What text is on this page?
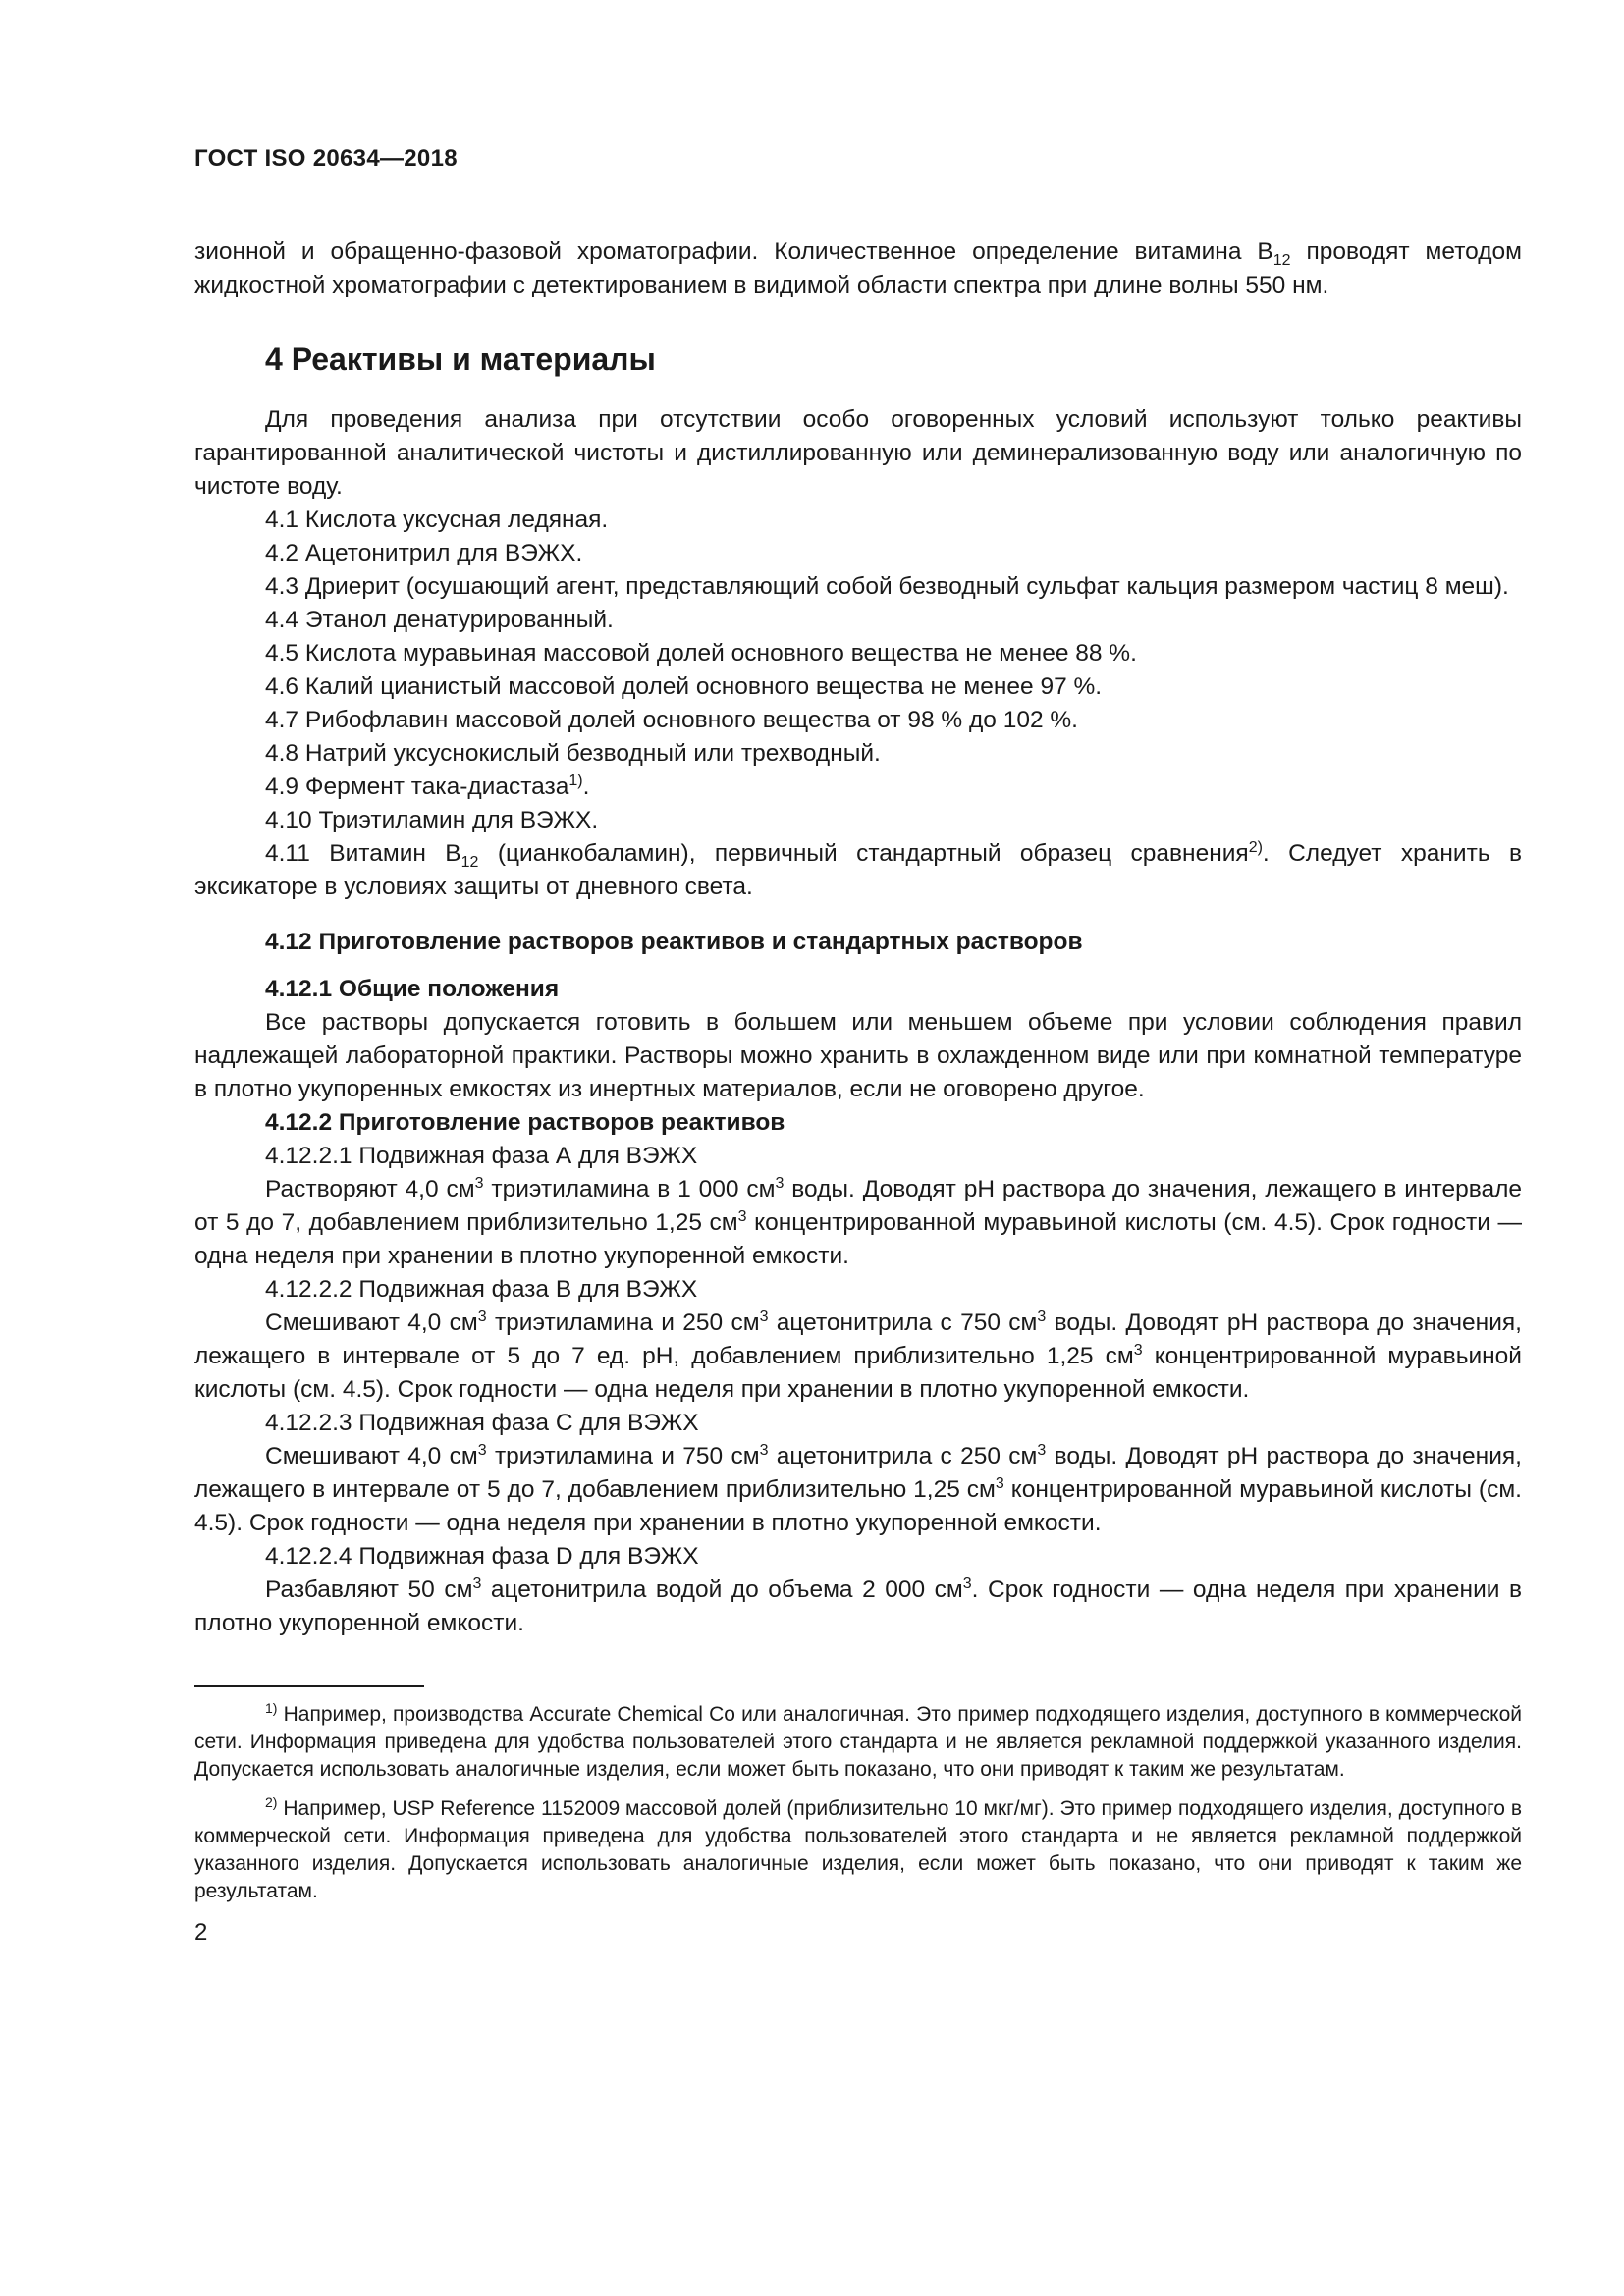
ГОСТ ISO 20634—2018

зионной и обращенно-фазовой хроматографии. Количественное определение витамина $В_{12}$ проводят методом жидкостной хроматографии с детектированием в видимой области спектра при длине волны 550 нм.

4 Реактивы и материалы

Для проведения анализа при отсутствии особо оговоренных условий используют только реактивы гарантированной аналитической чистоты и дистиллированную или деминерализованную воду или аналогичную по чистоте воду.

4.1 Кислота уксусная ледяная.

4.2 Ацетонитрил для ВЭЖХ.

4.3 Дриерит (осушающий агент, представляющий собой безводный сульфат кальция размером частиц 8 меш).

4.4 Этанол денатурированный.

4.5 Кислота муравьиная массовой долей основного вещества не менее 88 %.

4.6 Калий цианистый массовой долей основного вещества не менее 97 %.

4.7 Рибофлавин массовой долей основного вещества от 98 % до 102 %.

4.8 Натрий уксуснокислый безводный или трехводный.

4.9 Фермент така-диастаза$^{1)}$.

4.10 Триэтиламин для ВЭЖХ.

4.11 Витамин $В_{12}$ (цианкобаламин), первичный стандартный образец сравнения$^{2)}$. Следует хранить в эксикаторе в условиях защиты от дневного света.

4.12 Приготовление растворов реактивов и стандартных растворов
4.12.1 Общие положения

Все растворы допускается готовить в большем или меньшем объеме при условии соблюдения правил надлежащей лабораторной практики. Растворы можно хранить в охлажденном виде или при комнатной температуре в плотно укупоренных емкостях из инертных материалов, если не оговорено другое.

4.12.2 Приготовление растворов реактивов

4.12.2.1 Подвижная фаза А для ВЭЖХ

Растворяют 4,0 $см^3$ триэтиламина в 1 000 $см^3$ воды. Доводят pH раствора до значения, лежащего в интервале от 5 до 7, добавлением приблизительно 1,25 $см^3$ концентрированной муравьиной кислоты (см. 4.5). Срок годности — одна неделя при хранении в плотно укупоренной емкости.

4.12.2.2 Подвижная фаза В для ВЭЖХ

Смешивают 4,0 $см^3$ триэтиламина и 250 $см^3$ ацетонитрила с 750 $см^3$ воды. Доводят pH раствора до значения, лежащего в интервале от 5 до 7 ед. pH, добавлением приблизительно 1,25 $см^3$ концентрированной муравьиной кислоты (см. 4.5). Срок годности — одна неделя при хранении в плотно укупоренной емкости.

4.12.2.3 Подвижная фаза С для ВЭЖХ

Смешивают 4,0 $см^3$ триэтиламина и 750 $см^3$ ацетонитрила с 250 $см^3$ воды. Доводят pH раствора до значения, лежащего в интервале от 5 до 7, добавлением приблизительно 1,25 $см^3$ концентрированной муравьиной кислоты (см. 4.5). Срок годности — одна неделя при хранении в плотно укупоренной емкости.

4.12.2.4 Подвижная фаза D для ВЭЖХ

Разбавляют 50 $см^3$ ацетонитрила водой до объема 2 000 $см^3$. Срок годности — одна неделя при хранении в плотно укупоренной емкости.

$^{1)}$ Например, производства Accurate Chemical Co или аналогичная. Это пример подходящего изделия, доступного в коммерческой сети. Информация приведена для удобства пользователей этого стандарта и не является рекламной поддержкой указанного изделия. Допускается использовать аналогичные изделия, если может быть показано, что они приводят к таким же результатам.

$^{2)}$ Например, USP Reference 1152009 массовой долей (приблизительно 10 мкг/мг). Это пример подходящего изделия, доступного в коммерческой сети. Информация приведена для удобства пользователей этого стандарта и не является рекламной поддержкой указанного изделия. Допускается использовать аналогичные изделия, если может быть показано, что они приводят к таким же результатам.

2
